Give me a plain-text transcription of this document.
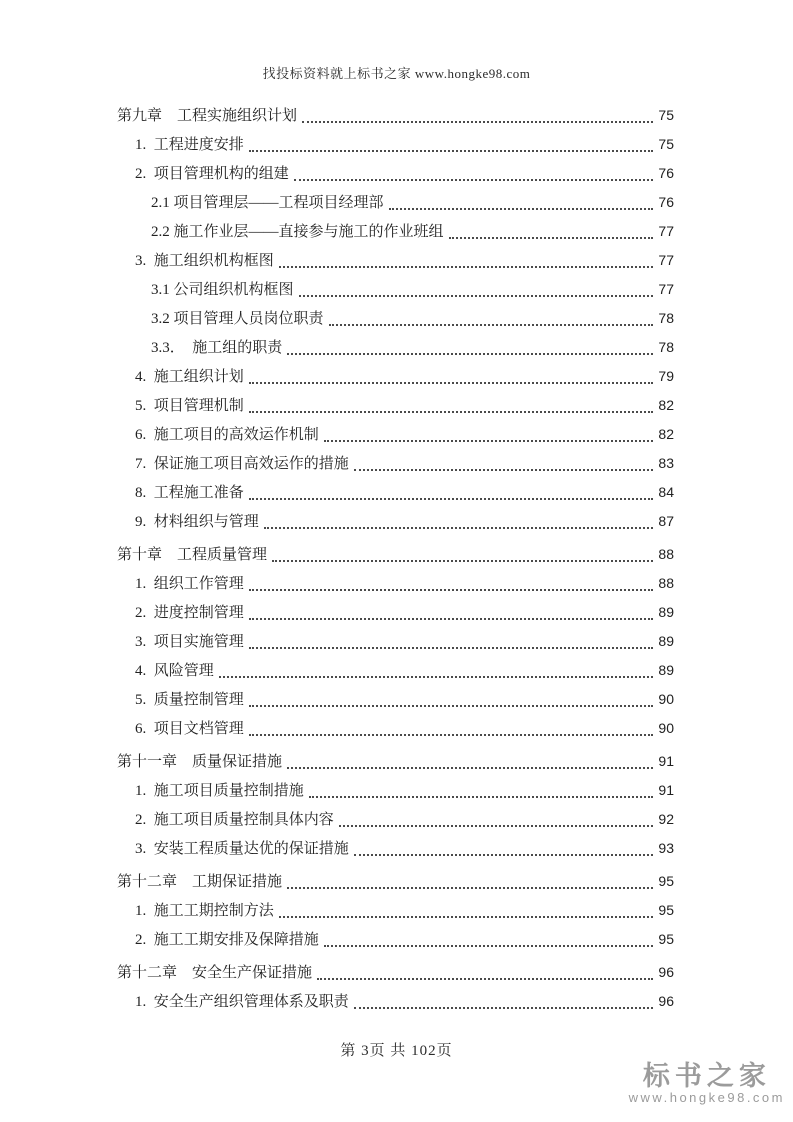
找投标资料就上标书之家 www.hongke98.com
第九章　工程实施组织计划	75
1. 工程进度安排	75
2. 项目管理机构的组建	76
2.1 项目管理层——工程项目经理部	76
2.2 施工作业层——直接参与施工的作业班组	77
3. 施工组织机构框图	77
3.1 公司组织机构框图	77
3.2 项目管理人员岗位职责	78
3.3． 施工组的职责	78
4. 施工组织计划	79
5. 项目管理机制	82
6. 施工项目的高效运作机制	82
7. 保证施工项目高效运作的措施	83
8. 工程施工准备	84
9. 材料组织与管理	87
第十章　工程质量管理	88
1. 组织工作管理	88
2. 进度控制管理	89
3. 项目实施管理	89
4. 风险管理	89
5. 质量控制管理	90
6. 项目文档管理	90
第十一章　质量保证措施	91
1. 施工项目质量控制措施	91
2. 施工项目质量控制具体内容	92
3. 安装工程质量达优的保证措施	93
第十二章　工期保证措施	95
1. 施工工期控制方法	95
2. 施工工期安排及保障措施	95
第十二章　安全生产保证措施	96
1. 安全生产组织管理体系及职责	96
第 3页 共 102页
标书之家
www.hongke98.com
